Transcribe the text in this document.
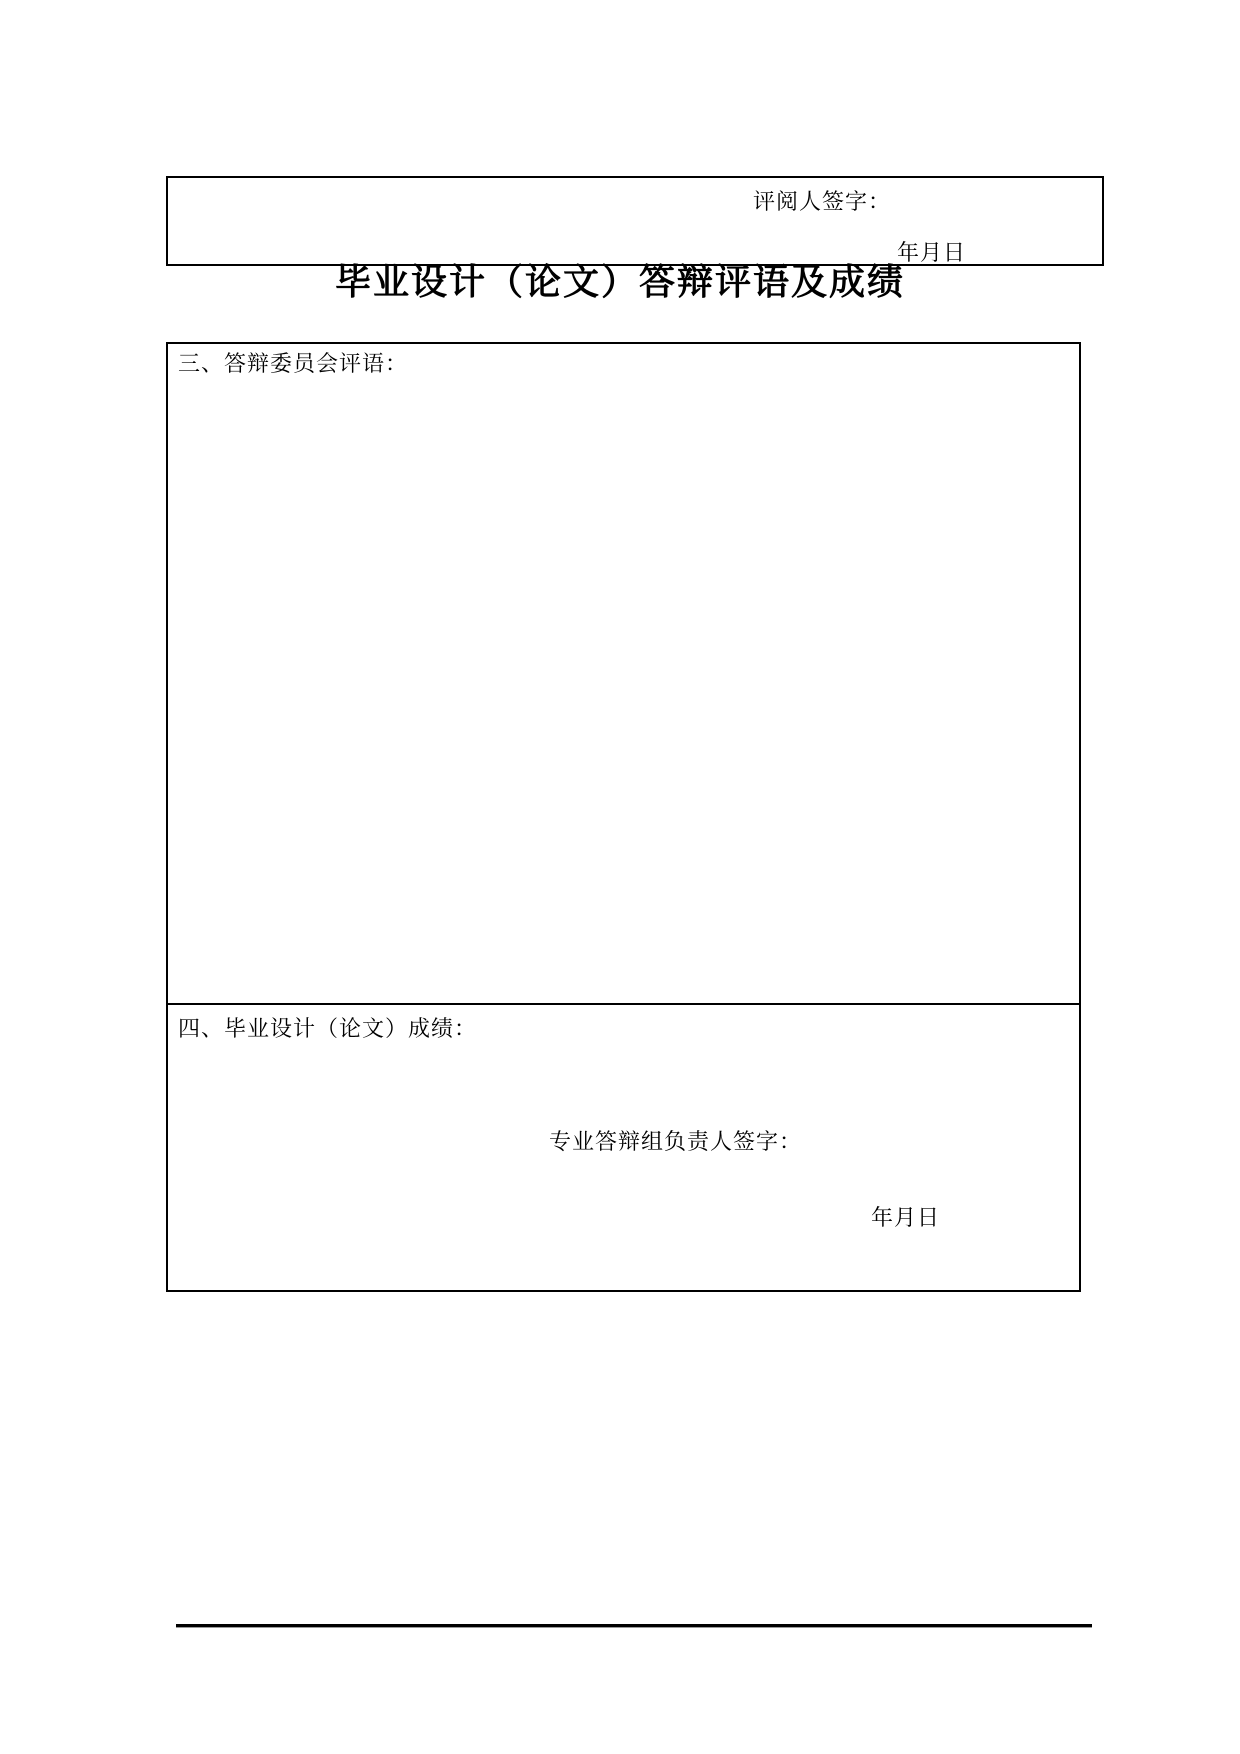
评阅人签字：
年月日
毕业设计（论文）答辩评语及成绩
三、答辩委员会评语：
四、毕业设计（论文）成绩：
专业答辩组负责人签字：
年月日
